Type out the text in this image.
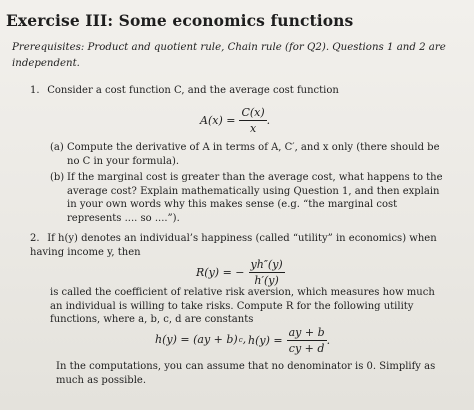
Exercise III: Some economics functions
Prerequisites: Product and quotient rule, Chain rule (for Q2). Questions 1 and 2 are independent.
1. Consider a cost function C, and the average cost function
$A(x) = \frac{C(x)}{x}$ .
(a) Compute the derivative of A in terms of A, C′, and x only (there should be no C in your formula).
(b) If the marginal cost is greater than the average cost, what happens to the average cost? Explain mathematically using Question 1, and then explain in your own words why this makes sense (e.g. “the marginal cost represents .... so ....”).
2. If h(y) denotes an individual’s happiness (called “utility” in economics) when having income y, then
R(y) = − $\frac{yh''(y)}{h'(y)}$
is called the coefficient of relative risk aversion, which measures how much an individual is willing to take risks. Compute R for the following utility functions, where a, b, c, d are constants
h(y) = (ay + b) c , $h(y) = \frac{ay + b}{cy + d}$ .
In the computations, you can assume that no denominator is 0. Simplify as much as possible.
